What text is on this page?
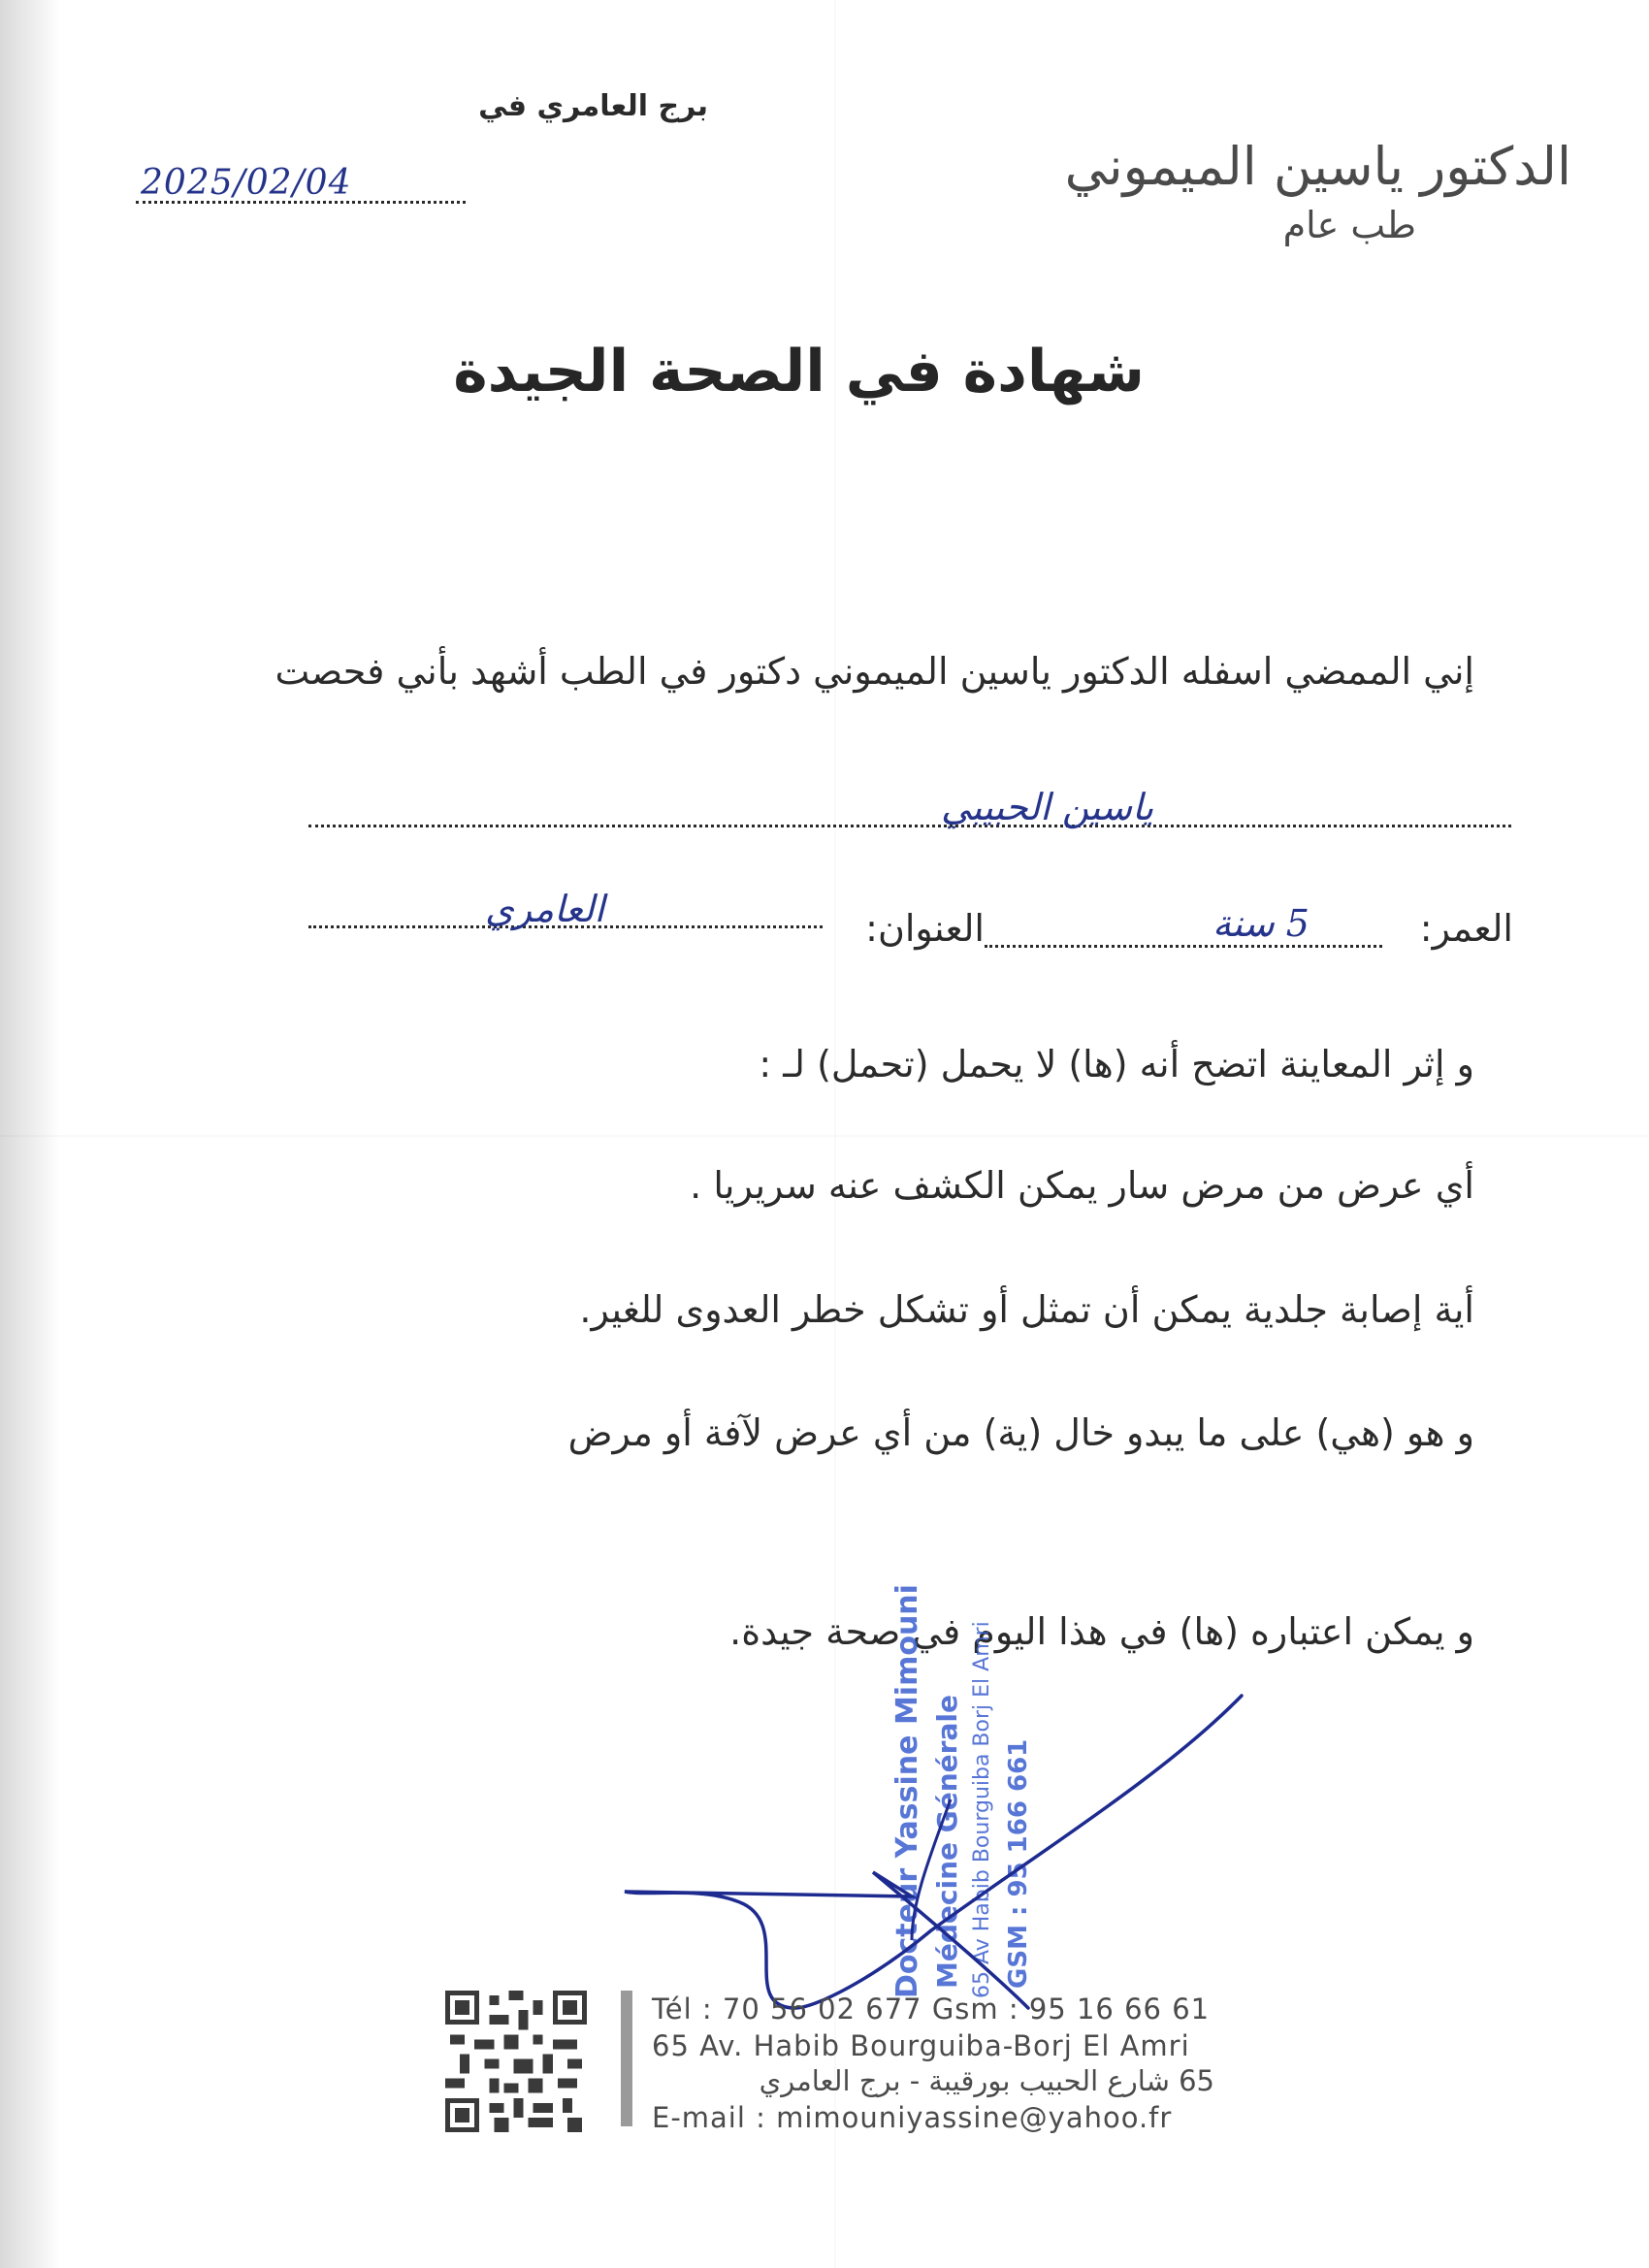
برج العامري في
2025/02/04	الدكتور ياسين الميموني
طب عام
شهادة في الصحة الجيدة
إني الممضي اسفله الدكتور ياسين الميموني دكتور في الطب أشهد بأني فحصت
ياسين الحبيبي
العمر:
5 سنة
العنوان:
العامري
و إثر المعاينة اتضح أنه (ها) لا يحمل (تحمل) لـ :
أي عرض من مرض سار يمكن الكشف عنه سريريا .
أية إصابة جلدية يمكن أن تمثل أو تشكل خطر العدوى للغير.
و هو (هي) على ما يبدو خال (ية) من أي عرض لآفة أو مرض
و يمكن اعتباره (ها) في هذا اليوم في صحة جيدة.
Docteur Yassine Mimouni Médecine Générale 65 Av Habib Bourguiba Borj El Amri GSM : 95 166 661
Tél : 70 56 02 677 Gsm : 95 16 66 61
65 Av. Habib Bourguiba-Borj El Amri
65 شارع الحبيب بورقيبة - برج العامري
E-mail : mimouniyassine@yahoo.fr
